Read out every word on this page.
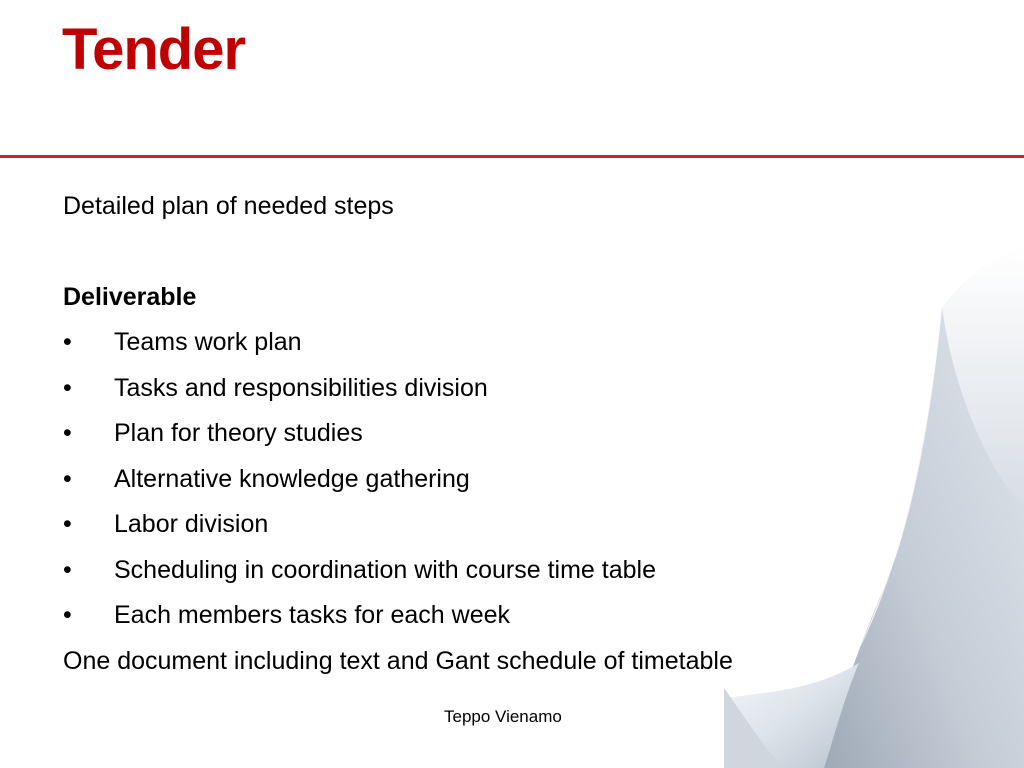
Tender
Detailed plan of needed steps
Deliverable
•	Teams work plan
•	Tasks and responsibilities division
•	Plan for theory studies
•	Alternative knowledge gathering
•	Labor division
•	Scheduling in coordination with course time table
•	Each members tasks for each week
One document including text and Gant schedule of timetable
Teppo Vienamo
